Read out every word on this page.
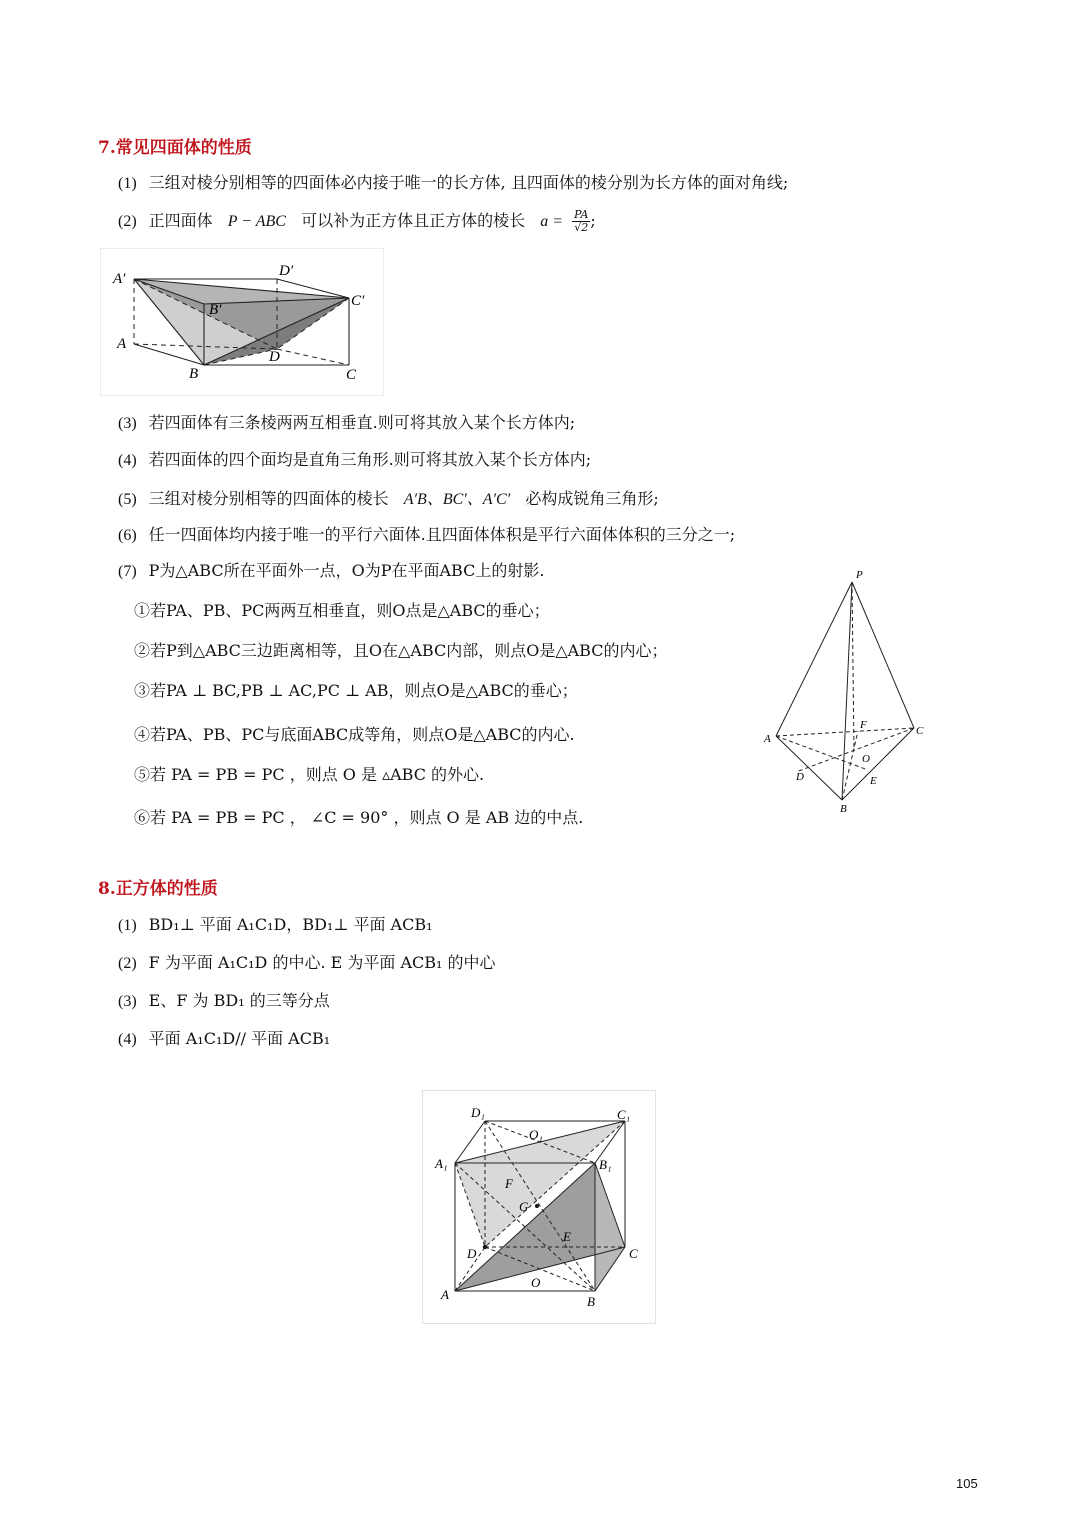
7.常见四面体的性质
(1) 三组对棱分别相等的四面体必内接于唯一的长方体, 且四面体的棱分别为长方体的面对角线;
(2) 正四面体 P − ABC 可以补为正方体且正方体的棱长 $a = \frac{PA}{√2}$ ;
A′	D′
B′
C′
A
D
B	C
(3) 若四面体有三条棱两两互相垂直.则可将其放入某个长方体内;
(4) 若四面体的四个面均是直角三角形.则可将其放入某个长方体内;
(5) 三组对棱分别相等的四面体的棱长 A′B、BC′、A′C′ 必构成锐角三角形;
(6) 任一四面体均内接于唯一的平行六面体.且四面体体积是平行六面体体积的三分之一;
(7) P为△ABC所在平面外一点，O为P在平面ABC上的射影.
①若PA、PB、PC两两互相垂直，则O点是△ABC的垂心；
②若P到△ABC三边距离相等，且O在△ABC内部，则点O是△ABC的内心；
③若PA ⊥ BC,PB ⊥ AC,PC ⊥ AB，则点O是△ABC的垂心；
④若PA、PB、PC与底面ABC成等角，则点O是△ABC的内心.
⑤若 PA = PB = PC ，则点 O 是 ▵ABC 的外心.
⑥若 PA = PB = PC ， ∠C = 90° ，则点 O 是 AB 边的中点.
P
A
C
F
O
E
D
B
8.正方体的性质
(1) BD₁⊥ 平面 A₁C₁D，BD₁⊥ 平面 ACB₁
(2) F 为平面 A₁C₁D 的中心. E 为平面 ACB₁ 的中心
(3) E、F 为 BD₁ 的三等分点
(4) 平面 A₁C₁D// 平面 ACB₁
D₁	C₁
O₁
A₁	B₁
F
G
E
D	C
O
A	B
105
